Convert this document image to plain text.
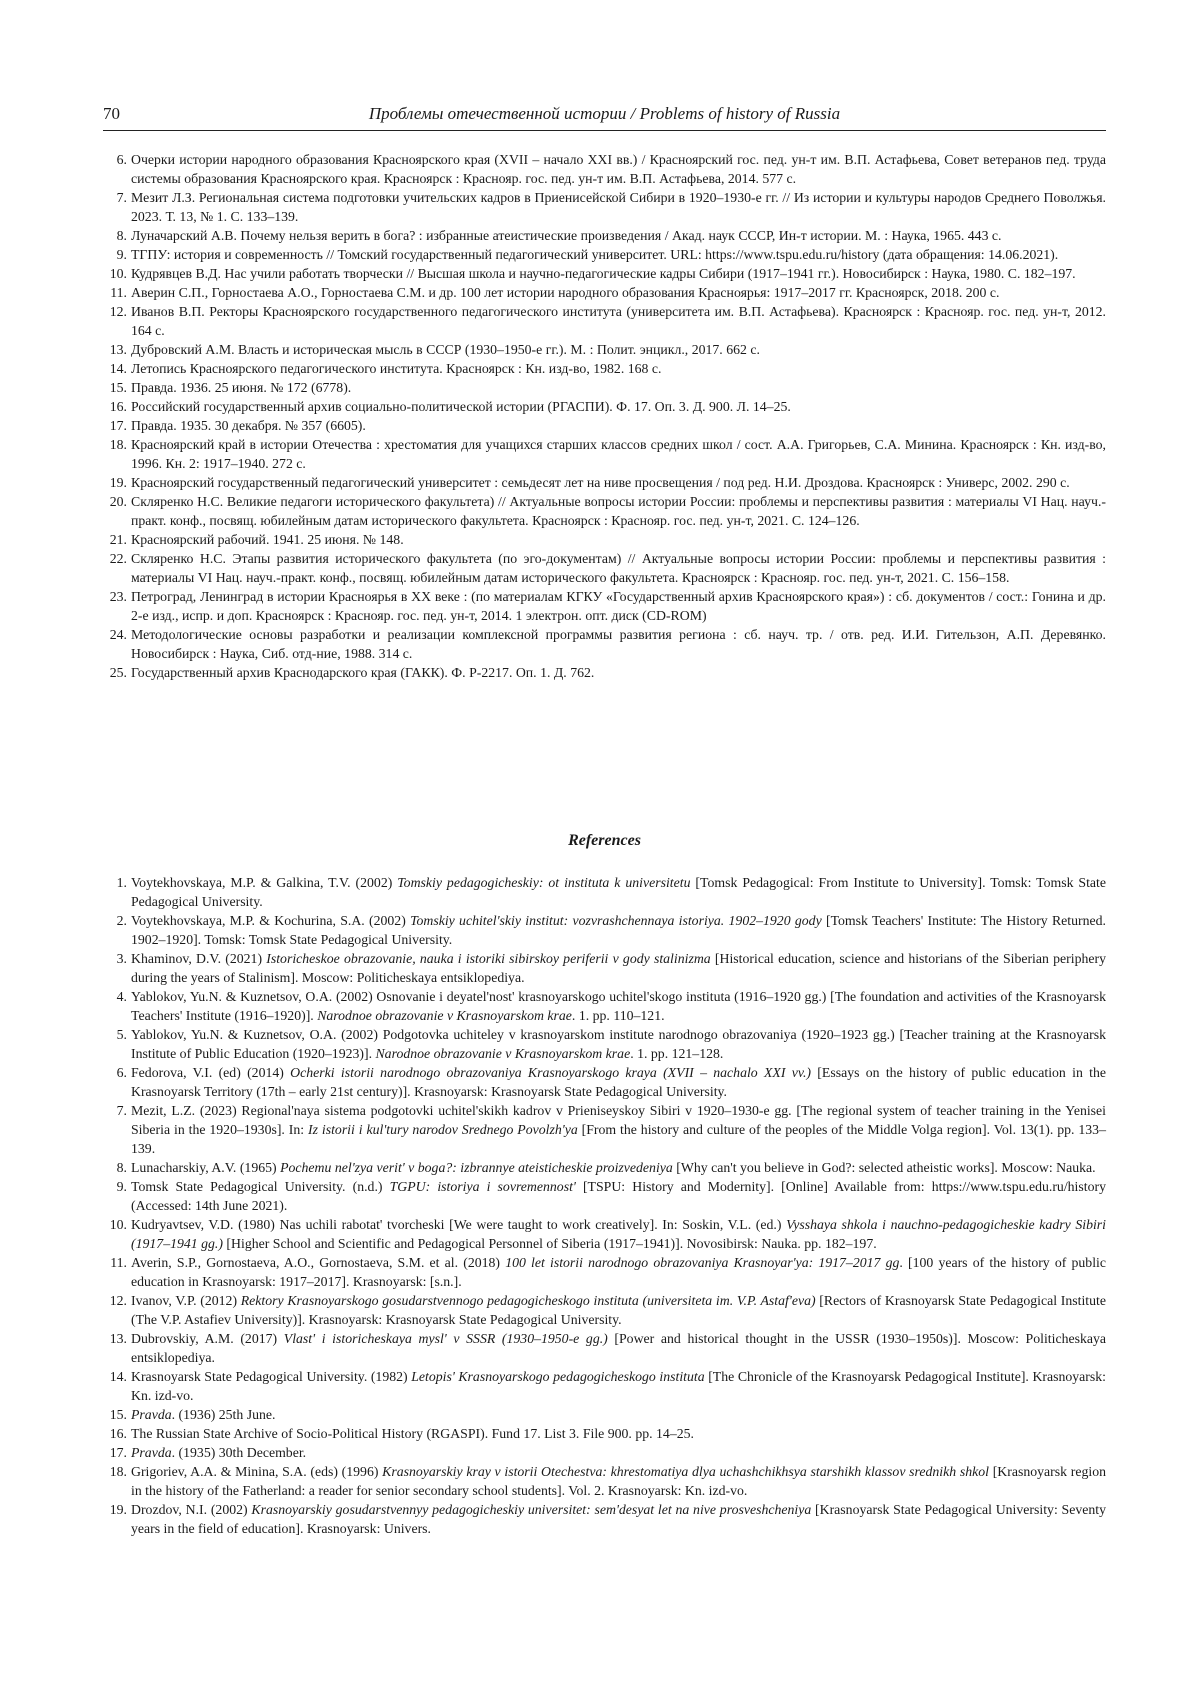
70	Проблемы отечественной истории / Problems of history of Russia
6. Очерки истории народного образования Красноярского края (XVII – начало XXI вв.) / Красноярский гос. пед. ун-т им. В.П. Астафьева, Совет ветеранов пед. труда системы образования Красноярского края. Красноярск : Краснояр. гос. пед. ун-т им. В.П. Астафьева, 2014. 577 с.
7. Мезит Л.З. Региональная система подготовки учительских кадров в Приенисейской Сибири в 1920–1930-е гг. // Из истории и культуры народов Среднего Поволжья. 2023. Т. 13, № 1. С. 133–139.
8. Луначарский А.В. Почему нельзя верить в бога? : избранные атеистические произведения / Акад. наук СССР, Ин-т истории. М. : Наука, 1965. 443 с.
9. ТГПУ: история и современность // Томский государственный педагогический университет. URL: https://www.tspu.edu.ru/history (дата обращения: 14.06.2021).
10. Кудрявцев В.Д. Нас учили работать творчески // Высшая школа и научно-педагогические кадры Сибири (1917–1941 гг.). Новосибирск : Наука, 1980. С. 182–197.
11. Аверин С.П., Горностаева А.О., Горностаева С.М. и др. 100 лет истории народного образования Красноярья: 1917–2017 гг. Красноярск, 2018. 200 с.
12. Иванов В.П. Ректоры Красноярского государственного педагогического института (университета им. В.П. Астафьева). Красноярск : Краснояр. гос. пед. ун-т, 2012. 164 с.
13. Дубровский А.М. Власть и историческая мысль в СССР (1930–1950-е гг.). М. : Полит. энцикл., 2017. 662 с.
14. Летопись Красноярского педагогического института. Красноярск : Кн. изд-во, 1982. 168 с.
15. Правда. 1936. 25 июня. № 172 (6778).
16. Российский государственный архив социально-политической истории (РГАСПИ). Ф. 17. Оп. 3. Д. 900. Л. 14–25.
17. Правда. 1935. 30 декабря. № 357 (6605).
18. Красноярский край в истории Отечества : хрестоматия для учащихся старших классов средних школ / сост. А.А. Григорьев, С.А. Минина. Красноярск : Кн. изд-во, 1996. Кн. 2: 1917–1940. 272 с.
19. Красноярский государственный педагогический университет : семьдесят лет на ниве просвещения / под ред. Н.И. Дроздова. Красноярск : Универс, 2002. 290 с.
20. Скляренко Н.С. Великие педагоги исторического факультета) // Актуальные вопросы истории России: проблемы и перспективы развития : материалы VI Нац. науч.-практ. конф., посвящ. юбилейным датам исторического факультета. Красноярск : Краснояр. гос. пед. ун-т, 2021. С. 124–126.
21. Красноярский рабочий. 1941. 25 июня. № 148.
22. Скляренко Н.С. Этапы развития исторического факультета (по эго-документам) // Актуальные вопросы истории России: проблемы и перспективы развития : материалы VI Нац. науч.-практ. конф., посвящ. юбилейным датам исторического факультета. Красноярск : Краснояр. гос. пед. ун-т, 2021. С. 156–158.
23. Петроград, Ленинград в истории Красноярья в XX веке : (по материалам КГКУ «Государственный архив Красноярского края») : сб. документов / сост.: Гонина и др. 2-е изд., испр. и доп. Красноярск : Краснояр. гос. пед. ун-т, 2014. 1 электрон. опт. диск (CD-ROM)
24. Методологические основы разработки и реализации комплексной программы развития региона : сб. науч. тр. / отв. ред. И.И. Гительзон, А.П. Деревянко. Новосибирск : Наука, Сиб. отд-ние, 1988. 314 с.
25. Государственный архив Краснодарского края (ГАКК). Ф. Р-2217. Оп. 1. Д. 762.
References
1. Voytekhovskaya, M.P. & Galkina, T.V. (2002) Tomskiy pedagogicheskiy: ot instituta k universitetu [Tomsk Pedagogical: From Institute to University]. Tomsk: Tomsk State Pedagogical University.
2. Voytekhovskaya, M.P. & Kochurina, S.A. (2002) Tomskiy uchitel'skiy institut: vozvrashchennaya istoriya. 1902–1920 gody [Tomsk Teachers' Institute: The History Returned. 1902–1920]. Tomsk: Tomsk State Pedagogical University.
3. Khaminov, D.V. (2021) Istoricheskoe obrazovanie, nauka i istoriki sibirskoy periferii v gody stalinizma [Historical education, science and historians of the Siberian periphery during the years of Stalinism]. Moscow: Politicheskaya entsiklopediya.
4. Yablokov, Yu.N. & Kuznetsov, O.A. (2002) Osnovanie i deyatel'nost' krasnoyarskogo uchitel'skogo instituta (1916–1920 gg.) [The foundation and activities of the Krasnoyarsk Teachers' Institute (1916–1920)]. Narodnoe obrazovanie v Krasnoyarskom krae. 1. pp. 110–121.
5. Yablokov, Yu.N. & Kuznetsov, O.A. (2002) Podgotovka uchiteley v krasnoyarskom institute narodnogo obrazovaniya (1920–1923 gg.) [Teacher training at the Krasnoyarsk Institute of Public Education (1920–1923)]. Narodnoe obrazovanie v Krasnoyarskom krae. 1. pp. 121–128.
6. Fedorova, V.I. (ed) (2014) Ocherki istorii narodnogo obrazovaniya Krasnoyarskogo kraya (XVII – nachalo XXI vv.) [Essays on the history of public education in the Krasnoyarsk Territory (17th – early 21st century)]. Krasnoyarsk: Krasnoyarsk State Pedagogical University.
7. Mezit, L.Z. (2023) Regional'naya sistema podgotovki uchitel'skikh kadrov v Prieniseyskoy Sibiri v 1920–1930-e gg. [The regional system of teacher training in the Yenisei Siberia in the 1920–1930s]. In: Iz istorii i kul'tury narodov Srednego Povolzh'ya [From the history and culture of the peoples of the Middle Volga region]. Vol. 13(1). pp. 133–139.
8. Lunacharskiy, A.V. (1965) Pochemu nel'zya verit' v boga?: izbrannye ateisticheskie proizvedeniya [Why can't you believe in God?: selected atheistic works]. Moscow: Nauka.
9. Tomsk State Pedagogical University. (n.d.) TGPU: istoriya i sovremennost' [TSPU: History and Modernity]. [Online] Available from: https://www.tspu.edu.ru/history (Accessed: 14th June 2021).
10. Kudryavtsev, V.D. (1980) Nas uchili rabotat' tvorcheski [We were taught to work creatively]. In: Soskin, V.L. (ed.) Vysshaya shkola i nauchno-pedagogicheskie kadry Sibiri (1917–1941 gg.) [Higher School and Scientific and Pedagogical Personnel of Siberia (1917–1941)]. Novosibirsk: Nauka. pp. 182–197.
11. Averin, S.P., Gornostaeva, A.O., Gornostaeva, S.M. et al. (2018) 100 let istorii narodnogo obrazovaniya Krasnoyar'ya: 1917–2017 gg. [100 years of the history of public education in Krasnoyarsk: 1917–2017]. Krasnoyarsk: [s.n.].
12. Ivanov, V.P. (2012) Rektory Krasnoyarskogo gosudarstvennogo pedagogicheskogo instituta (universiteta im. V.P. Astaf'eva) [Rectors of Krasnoyarsk State Pedagogical Institute (The V.P. Astafiev University)]. Krasnoyarsk: Krasnoyarsk State Pedagogical University.
13. Dubrovskiy, A.M. (2017) Vlast' i istoricheskaya mysl' v SSSR (1930–1950-e gg.) [Power and historical thought in the USSR (1930–1950s)]. Moscow: Politicheskaya entsiklopediya.
14. Krasnoyarsk State Pedagogical University. (1982) Letopis' Krasnoyarskogo pedagogicheskogo instituta [The Chronicle of the Krasnoyarsk Pedagogical Institute]. Krasnoyarsk: Kn. izd-vo.
15. Pravda. (1936) 25th June.
16. The Russian State Archive of Socio-Political History (RGASPI). Fund 17. List 3. File 900. pp. 14–25.
17. Pravda. (1935) 30th December.
18. Grigoriev, A.A. & Minina, S.A. (eds) (1996) Krasnoyarskiy kray v istorii Otechestva: khrestomatiya dlya uchashchikhsya starshikh klassov srednikh shkol [Krasnoyarsk region in the history of the Fatherland: a reader for senior secondary school students]. Vol. 2. Krasnoyarsk: Kn. izd-vo.
19. Drozdov, N.I. (2002) Krasnoyarskiy gosudarstvennyy pedagogicheskiy universitet: sem'desyat let na nive prosveshcheniya [Krasnoyarsk State Pedagogical University: Seventy years in the field of education]. Krasnoyarsk: Univers.
